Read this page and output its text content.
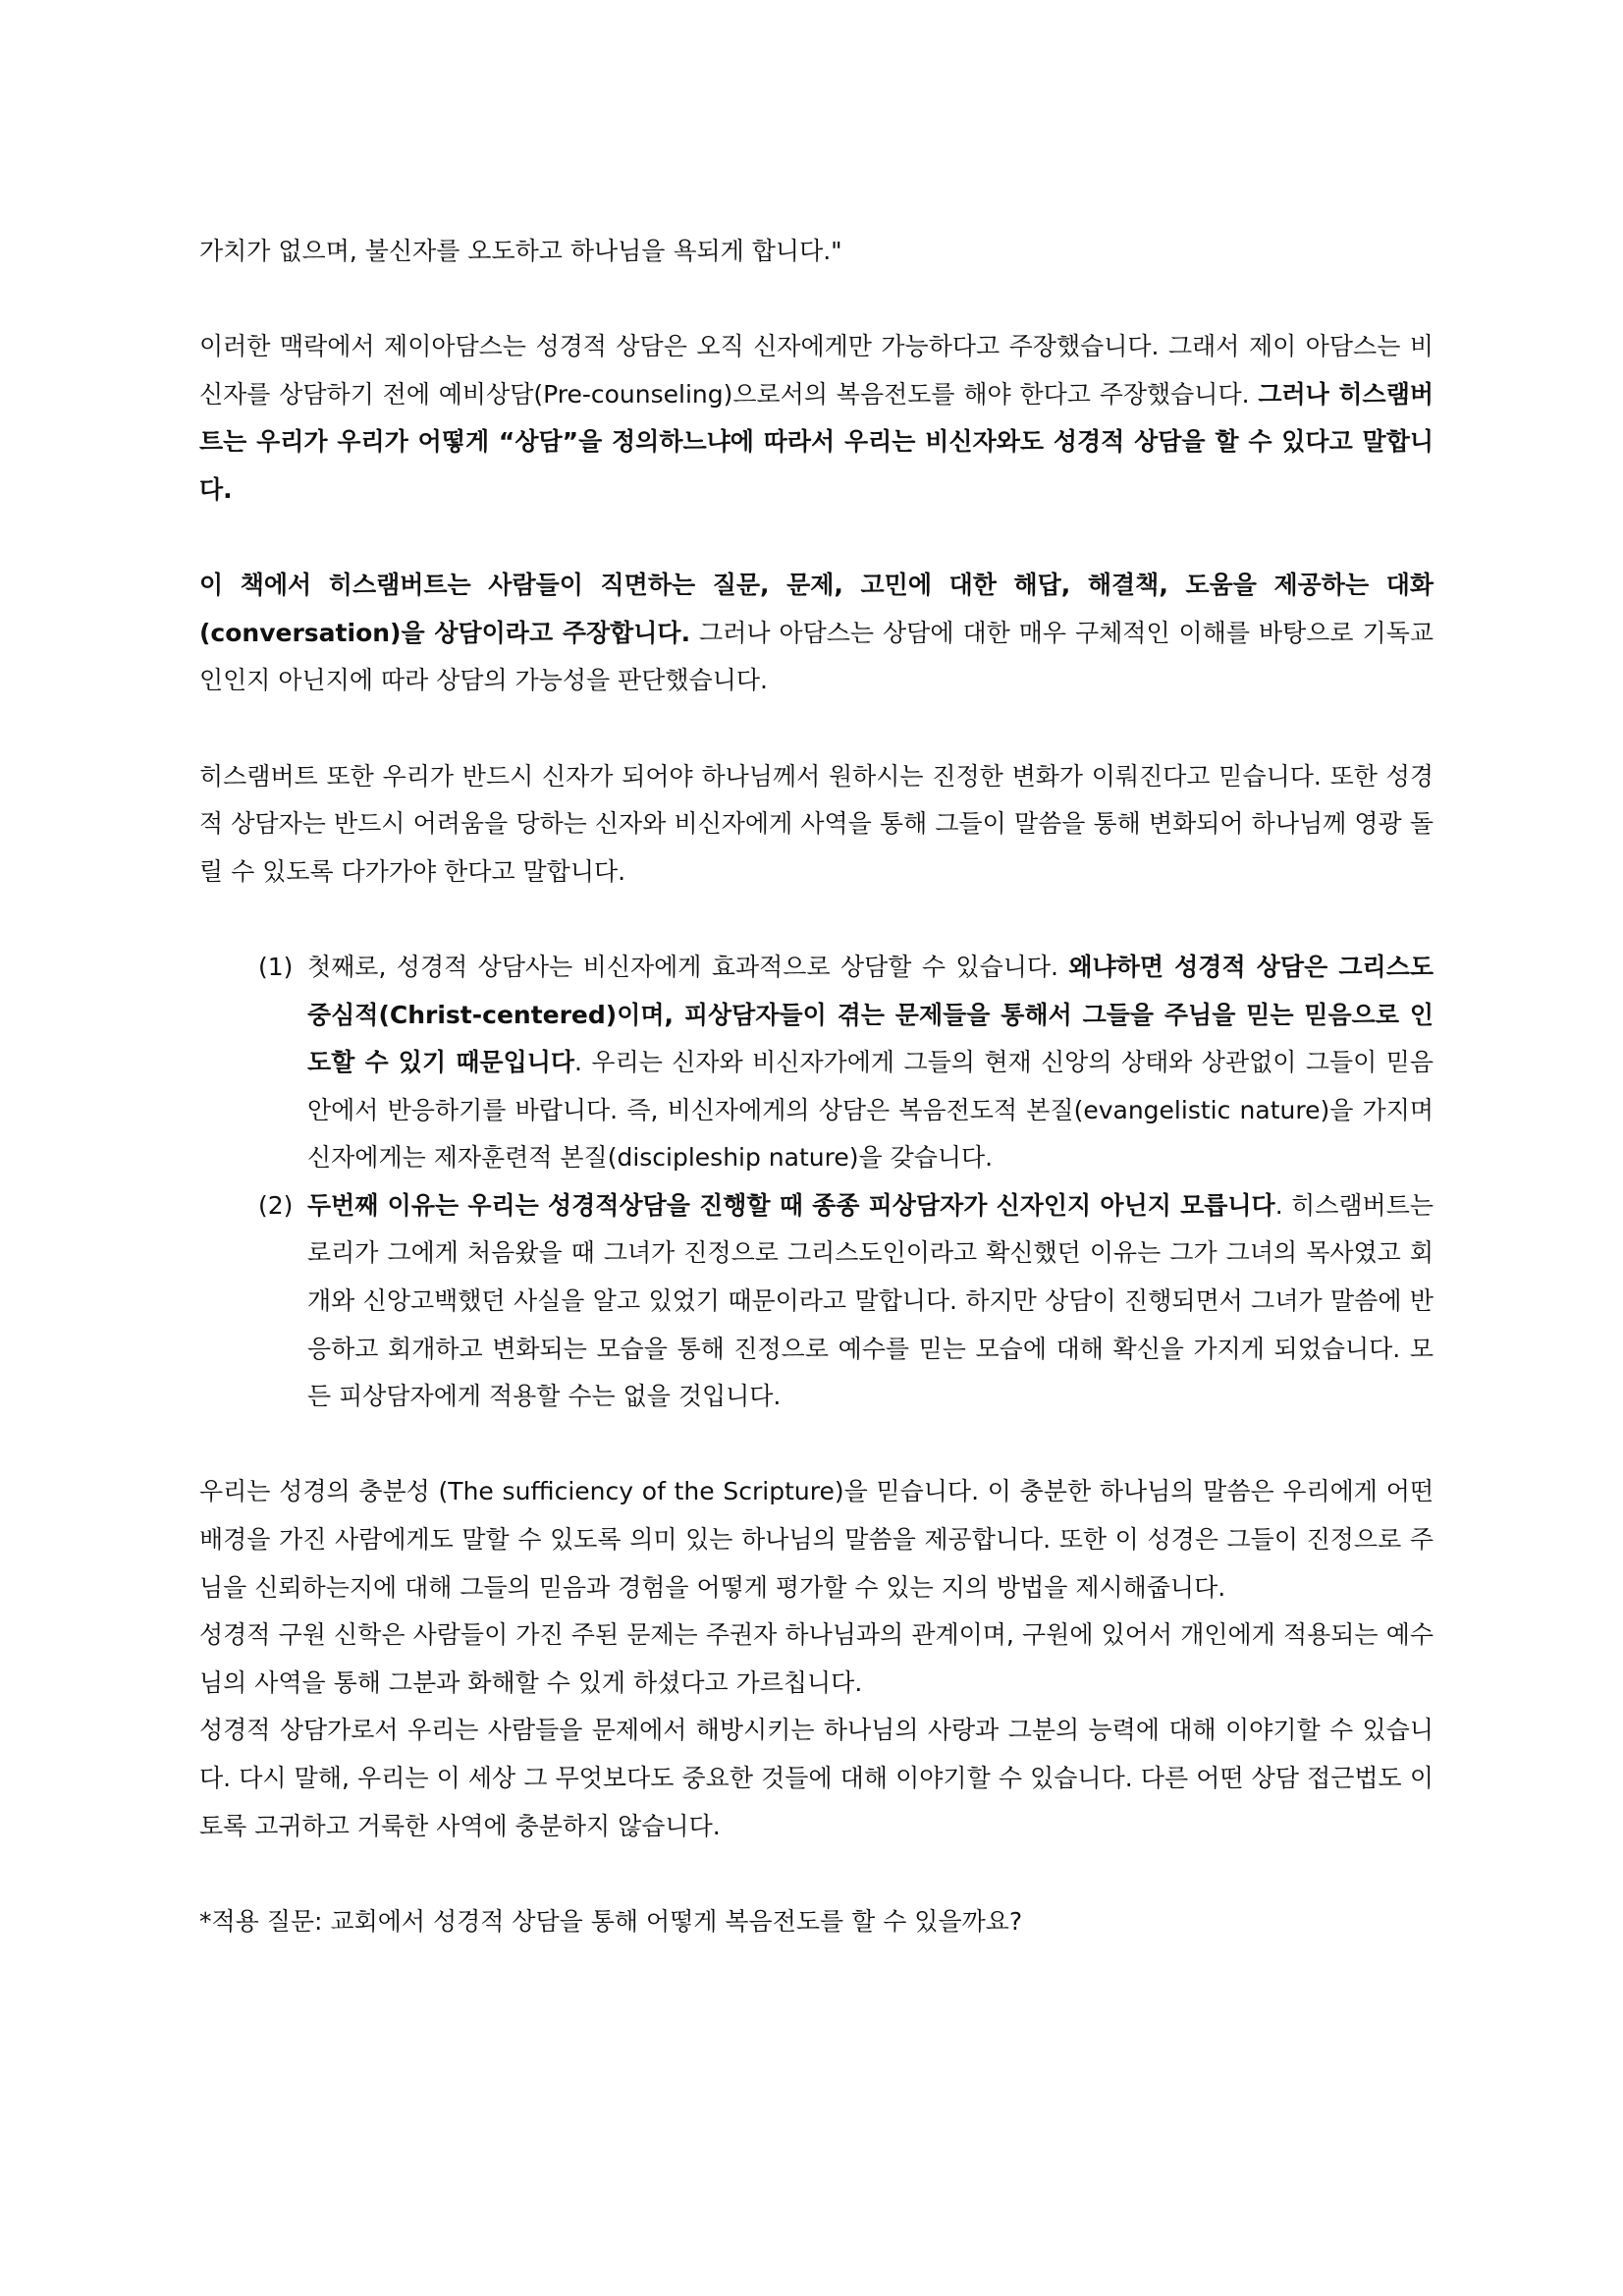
가치가 없으며, 불신자를 오도하고 하나님을 욕되게 합니다."

이러한 맥락에서 제이아담스는 성경적 상담은 오직 신자에게만 가능하다고 주장했습니다. 그래서 제이 아담스는 비신자를 상담하기 전에 예비상담(Pre-counseling)으로서의 복음전도를 해야 한다고 주장했습니다. 그러나 히스램버트는 우리가 우리가 어떻게 “상담”을 정의하느냐에 따라서 우리는 비신자와도 성경적 상담을 할 수 있다고 말합니다.

이 책에서 히스램버트는 사람들이 직면하는 질문, 문제, 고민에 대한 해답, 해결책, 도움을 제공하는 대화(conversation)을 상담이라고 주장합니다. 그러나 아담스는 상담에 대한 매우 구체적인 이해를 바탕으로 기독교인인지 아닌지에 따라 상담의 가능성을 판단했습니다.

히스램버트 또한 우리가 반드시 신자가 되어야 하나님께서 원하시는 진정한 변화가 이뤄진다고 믿습니다. 또한 성경적 상담자는 반드시 어려움을 당하는 신자와 비신자에게 사역을 통해 그들이 말씀을 통해 변화되어 하나님께 영광 돌릴 수 있도록 다가가야 한다고 말합니다.

(1) 첫째로, 성경적 상담사는 비신자에게 효과적으로 상담할 수 있습니다. 왜냐하면 성경적 상담은 그리스도 중심적(Christ-centered)이며, 피상담자들이 겪는 문제들을 통해서 그들을 주님을 믿는 믿음으로 인도할 수 있기 때문입니다. 우리는 신자와 비신자가에게 그들의 현재 신앙의 상태와 상관없이 그들이 믿음안에서 반응하기를 바랍니다. 즉, 비신자에게의 상담은 복음전도적 본질(evangelistic nature)을 가지며 신자에게는 제자훈련적 본질(discipleship nature)을 갖습니다.
(2) 두번째 이유는 우리는 성경적상담을 진행할 때 종종 피상담자가 신자인지 아닌지 모릅니다. 히스램버트는 로리가 그에게 처음왔을 때 그녀가 진정으로 그리스도인이라고 확신했던 이유는 그가 그녀의 목사였고 회개와 신앙고백했던 사실을 알고 있었기 때문이라고 말합니다. 하지만 상담이 진행되면서 그녀가 말씀에 반응하고 회개하고 변화되는 모습을 통해 진정으로 예수를 믿는 모습에 대해 확신을 가지게 되었습니다. 모든 피상담자에게 적용할 수는 없을 것입니다.

우리는 성경의 충분성 (The sufficiency of the Scripture)을 믿습니다. 이 충분한 하나님의 말씀은 우리에게 어떤 배경을 가진 사람에게도 말할 수 있도록 의미 있는 하나님의 말씀을 제공합니다. 또한 이 성경은 그들이 진정으로 주님을 신뢰하는지에 대해 그들의 믿음과 경험을 어떻게 평가할 수 있는 지의 방법을 제시해줍니다.

성경적 구원 신학은 사람들이 가진 주된 문제는 주권자 하나님과의 관계이며, 구원에 있어서 개인에게 적용되는 예수님의 사역을 통해 그분과 화해할 수 있게 하셨다고 가르칩니다.

성경적 상담가로서 우리는 사람들을 문제에서 해방시키는 하나님의 사랑과 그분의 능력에 대해 이야기할 수 있습니다. 다시 말해, 우리는 이 세상 그 무엇보다도 중요한 것들에 대해 이야기할 수 있습니다. 다른 어떤 상담 접근법도 이토록 고귀하고 거룩한 사역에 충분하지 않습니다.

*적용 질문: 교회에서 성경적 상담을 통해 어떻게 복음전도를 할 수 있을까요?
